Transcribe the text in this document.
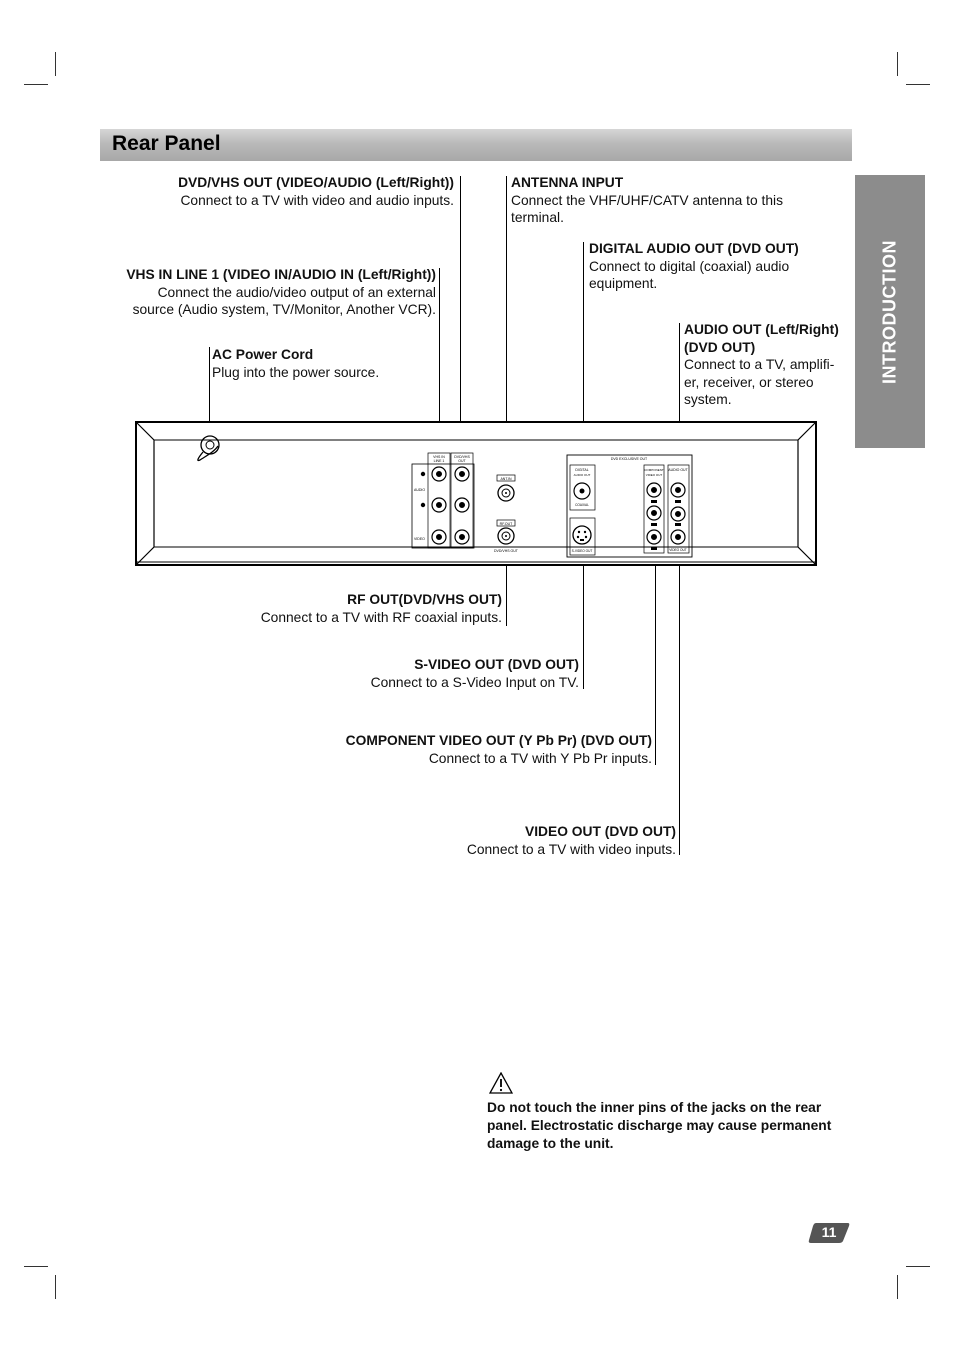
Rear Panel
INTRODUCTION
DVD/VHS OUT (VIDEO/AUDIO (Left/Right))
Connect to a TV with video and audio inputs.
ANTENNA INPUT
Connect the VHF/UHF/CATV antenna to this terminal.
DIGITAL AUDIO OUT (DVD OUT)
Connect to digital (coaxial) audio equipment.
VHS IN LINE 1 (VIDEO IN/AUDIO IN (Left/Right))
Connect the audio/video output of an external
source (Audio system, TV/Monitor, Another VCR).
AUDIO OUT (Left/Right)
(DVD OUT)
Connect to a TV, amplifi-
er, receiver, or stereo
system.
AC Power Cord
Plug into the power source.
RF OUT(DVD/VHS OUT)
Connect to a TV with RF coaxial inputs.
S-VIDEO OUT (DVD OUT)
Connect to a S-Video Input on TV.
COMPONENT VIDEO OUT (Y Pb Pr) (DVD OUT)
Connect to a TV with Y Pb Pr inputs.
VIDEO OUT (DVD OUT)
Connect to a TV with video inputs.
VHS IN
LINE 1
DVD/VHS
OUT
AUDIO
VIDEO
ANT.IN
RF.OUT
DVD/VHS OUT
DVD EXCLUSIVE OUT
DIGITAL
AUDIO OUT
COAXIAL
S-VIDEO OUT
COMPONENT
VIDEO OUT
AUDIO OUT
VIDEO OUT
Do not touch the inner pins of the jacks on the rear panel. Electrostatic discharge may cause permanent damage to the unit.
11
